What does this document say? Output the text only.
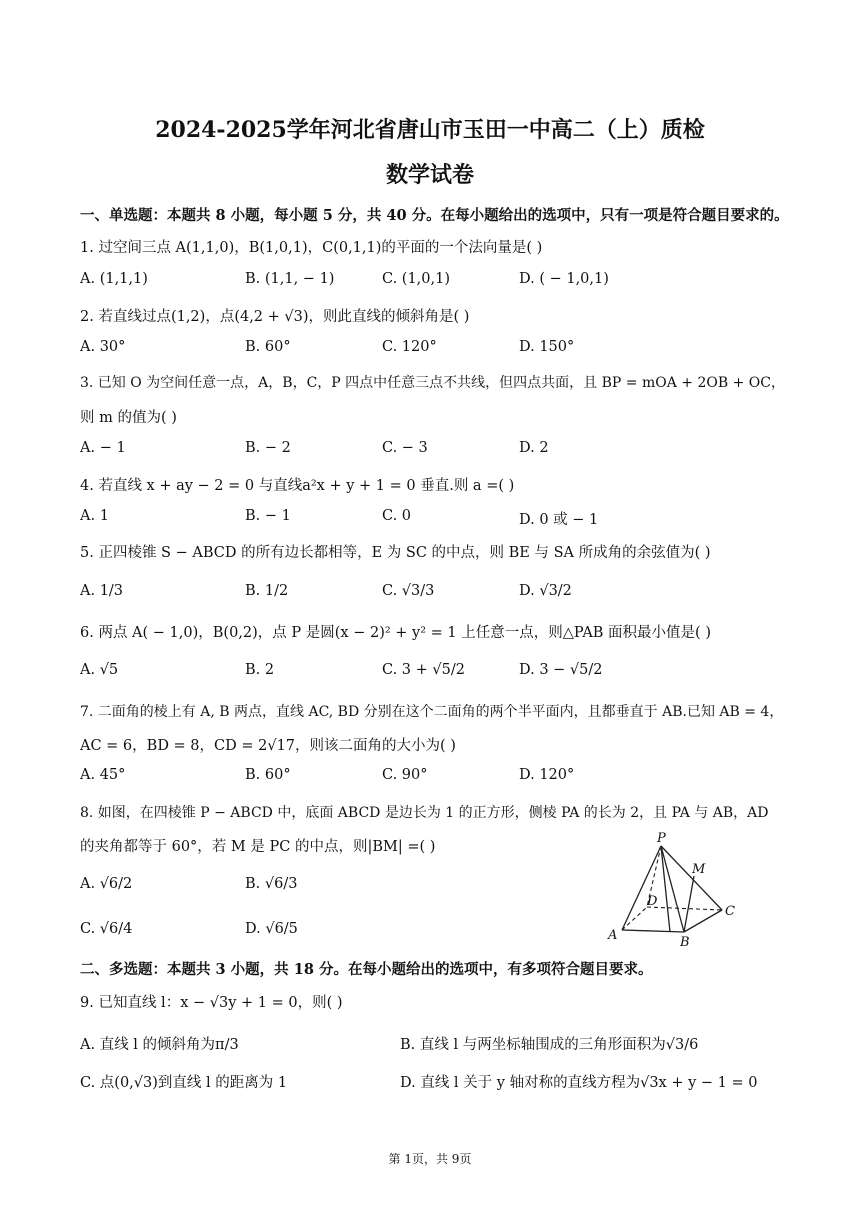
2024-2025学年河北省唐山市玉田一中高二（上）质检
数学试卷
一、单选题：本题共 8 小题，每小题 5 分，共 40 分。在每小题给出的选项中，只有一项是符合题目要求的。
1. 过空间三点 A(1,1,0)，B(1,0,1)，C(0,1,1)的平面的一个法向量是( )
A. (1,1,1)	B. (1,1, − 1)	C. (1,0,1)	D. ( − 1,0,1)
2. 若直线过点(1,2)，点(4,2 + √3)，则此直线的倾斜角是( )
A. 30°	B. 60°	C. 120°	D. 150°
3. 已知 O 为空间任意一点，A，B，C，P 四点中任意三点不共线，但四点共面，且 BP = mOA + 2OB + OC，
则 m 的值为( )
A. − 1	B. − 2	C. − 3	D. 2
4. 若直线 x + ay − 2 = 0 与直线a²x + y + 1 = 0 垂直.则 a =( )
A. 1	B. − 1	C. 0	D. 0 或 − 1
5. 正四棱锥 S − ABCD 的所有边长都相等，E 为 SC 的中点，则 BE 与 SA 所成角的余弦值为( )
A. 1/3	B. 1/2	C. √3/3	D. √3/2
6. 两点 A( − 1,0)，B(0,2)，点 P 是圆(x − 2)² + y² = 1 上任意一点，则△PAB 面积最小值是( )
A. √5	B. 2	C. 3 + √5/2	D. 3 − √5/2
7. 二面角的棱上有 A, B 两点，直线 AC, BD 分别在这个二面角的两个半平面内，且都垂直于 AB.已知 AB = 4，
AC = 6，BD = 8，CD = 2√17，则该二面角的大小为( )
A. 45°	B. 60°	C. 90°	D. 120°
8. 如图，在四棱锥 P − ABCD 中，底面 ABCD 是边长为 1 的正方形，侧棱 PA 的长为 2，且 PA 与 AB，AD
的夹角都等于 60°，若 M 是 PC 的中点，则|BM| =( )
A. √6/2	B. √6/3
C. √6/4	D. √6/5
P
M
D
C
A	B
二、多选题：本题共 3 小题，共 18 分。在每小题给出的选项中，有多项符合题目要求。
9. 已知直线 l：x − √3y + 1 = 0，则( )
A. 直线 l 的倾斜角为π/3	B. 直线 l 与两坐标轴围成的三角形面积为√3/6
C. 点(0,√3)到直线 l 的距离为 1	D. 直线 l 关于 y 轴对称的直线方程为√3x + y − 1 = 0
第 1页，共 9页
